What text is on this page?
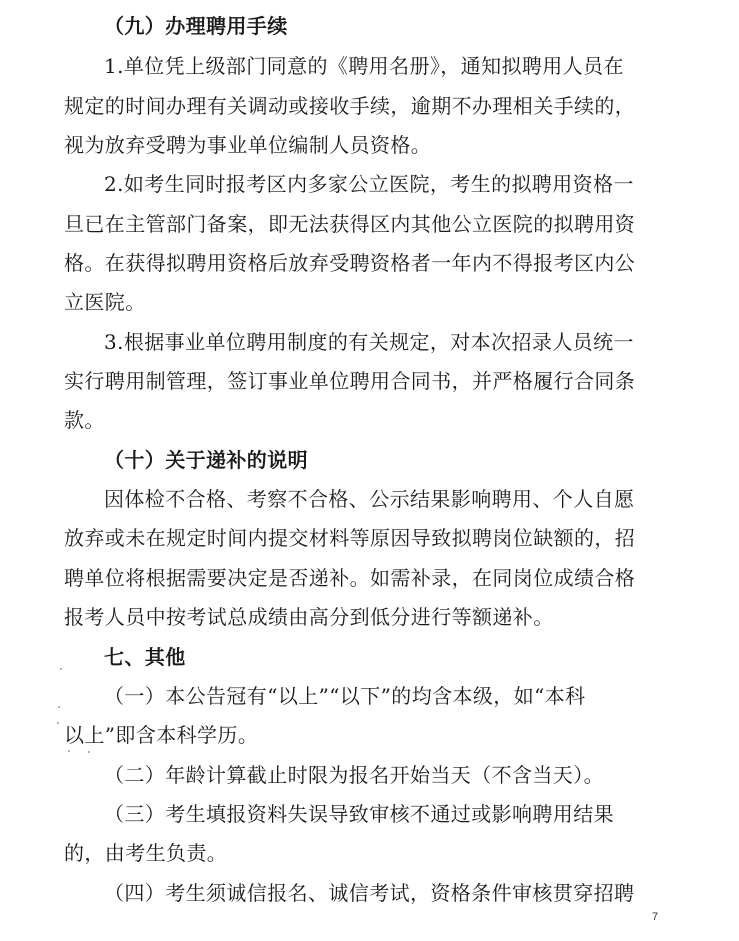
（九）办理聘用手续
1.单位凭上级部门同意的《聘用名册》，通知拟聘用人员在
规定的时间办理有关调动或接收手续，逾期不办理相关手续的，
视为放弃受聘为事业单位编制人员资格。
2.如考生同时报考区内多家公立医院，考生的拟聘用资格一
旦已在主管部门备案，即无法获得区内其他公立医院的拟聘用资
格。在获得拟聘用资格后放弃受聘资格者一年内不得报考区内公
立医院。
3.根据事业单位聘用制度的有关规定，对本次招录人员统一
实行聘用制管理，签订事业单位聘用合同书，并严格履行合同条
款。
（十）关于递补的说明
因体检不合格、考察不合格、公示结果影响聘用、个人自愿
放弃或未在规定时间内提交材料等原因导致拟聘岗位缺额的，招
聘单位将根据需要决定是否递补。如需补录，在同岗位成绩合格
报考人员中按考试总成绩由高分到低分进行等额递补。
七、其他
（一）本公告冠有“以上”“以下”的均含本级，如“本科
以上”即含本科学历。
（二）年龄计算截止时限为报名开始当天（不含当天）。
（三）考生填报资料失误导致审核不通过或影响聘用结果
的，由考生负责。
（四）考生须诚信报名、诚信考试，资格条件审核贯穿招聘
7
